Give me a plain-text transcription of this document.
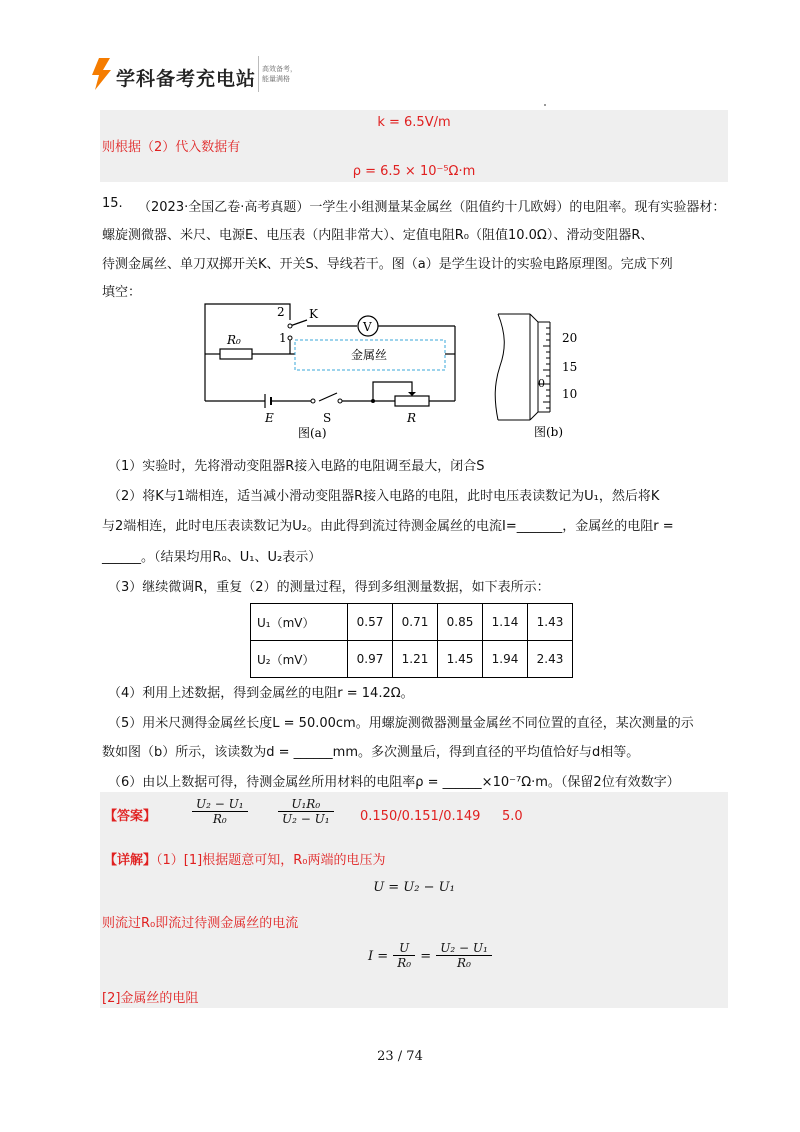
学科备考充电站 高效备考，能量满格
k = 6.5V/m
则根据（2）代入数据有
ρ = 6.5 × 10⁻⁵Ω·m
15. （2023·全国乙卷·高考真题）一学生小组测量某金属丝（阻值约十几欧姆）的电阻率。现有实验器材：
螺旋测微器、米尺、电源E、电压表（内阻非常大）、定值电阻R₀（阻值10.0Ω）、滑动变阻器R、
待测金属丝、单刀双掷开关K、开关S、导线若干。图（a）是学生设计的实验电路原理图。完成下列
填空：
2
1
K
V
R₀
金属丝
E	S	R
图(a)
20
15
0
10
图(b)
（1）实验时，先将滑动变阻器R接入电路的电阻调至最大，闭合S
（2）将K与1端相连，适当减小滑动变阻器R接入电路的电阻，此时电压表读数记为U₁，然后将K
与2端相连，此时电压表读数记为U₂。由此得到流过待测金属丝的电流I=_______，金属丝的电阻r =
______。（结果均用R₀、U₁、U₂表示）
（3）继续微调R，重复（2）的测量过程，得到多组测量数据，如下表所示：
U₁（mV）	0.57	0.71	0.85	1.14	1.43
U₂（mV）	0.97	1.21	1.45	1.94	2.43
（4）利用上述数据，得到金属丝的电阻r = 14.2Ω。
（5）用米尺测得金属丝长度L = 50.00cm。用螺旋测微器测量金属丝不同位置的直径，某次测量的示
数如图（b）所示，该读数为d = ______mm。多次测量后，得到直径的平均值恰好与d相等。
（6）由以上数据可得，待测金属丝所用材料的电阻率ρ = ______×10⁻⁷Ω·m。（保留2位有效数字）
【答案】	$\frac{\text{U₂ − U₁}}{\text{R₀}}$	$\frac{\text{U₁R₀}}{\text{U₂ − U₁}} 0.150/0.151/0.149$ 5.0
【详解】（1）[1]根据题意可知，R₀两端的电压为
U = U₂ − U₁
则流过R₀即流过待测金属丝的电流
$I = \frac{U}{\text{R₀}} = \frac{\text{U₂ − U₁}}{\text{R₀}}$
[2]金属丝的电阻
23 / 74
